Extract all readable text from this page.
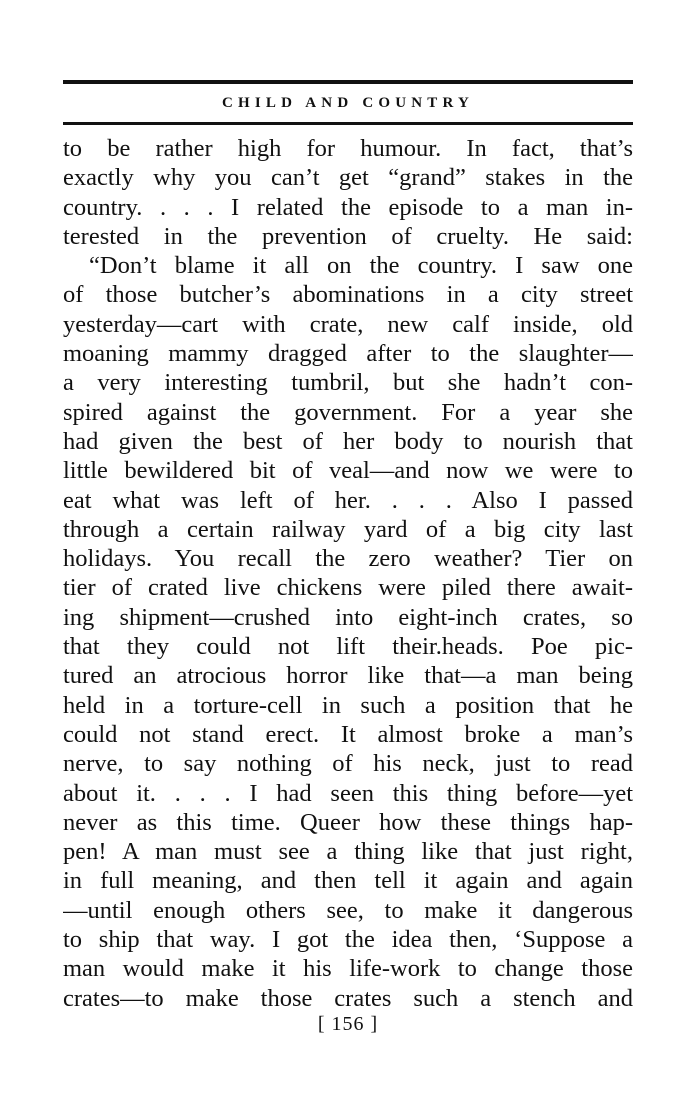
CHILD AND COUNTRY
to be rather high for humour. In fact, that’s
exactly why you can’t get “grand” stakes in the
country. . . . I related the episode to a man in-
terested in the prevention of cruelty. He said:
“Don’t blame it all on the country. I saw one
of those butcher’s abominations in a city street
yesterday—cart with crate, new calf inside, old
moaning mammy dragged after to the slaughter—
a very interesting tumbril, but she hadn’t con-
spired against the government. For a year she
had given the best of her body to nourish that
little bewildered bit of veal—and now we were to
eat what was left of her. . . . Also I passed
through a certain railway yard of a big city last
holidays. You recall the zero weather? Tier on
tier of crated live chickens were piled there await-
ing shipment—crushed into eight-inch crates, so
that they could not lift their.heads. Poe pic-
tured an atrocious horror like that—a man being
held in a torture-cell in such a position that he
could not stand erect. It almost broke a man’s
nerve, to say nothing of his neck, just to read
about it. . . . I had seen this thing before—yet
never as this time. Queer how these things hap-
pen! A man must see a thing like that just right,
in full meaning, and then tell it again and again
—until enough others see, to make it dangerous
to ship that way. I got the idea then, ‘Suppose a
man would make it his life-work to change those
crates—to make those crates such a stench and
[ 156 ]
